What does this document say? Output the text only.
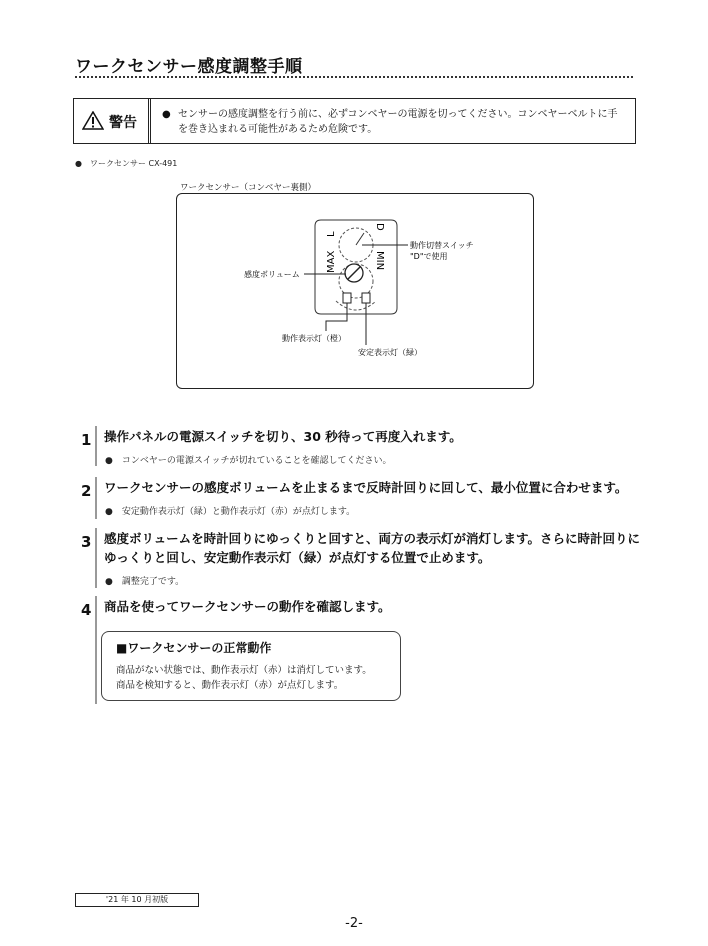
ワークセンサー感度調整手順
警告
● センサーの感度調整を行う前に、必ずコンベヤーの電源を切ってください。コンベヤーベルトに手を巻き込まれる可能性があるため危険です。
●　ワークセンサー CX-491
ワークセンサー（コンベヤー裏側）
MAX
L
D
MIN
動作切替スイッチ
"D"で使用
感度ボリューム
動作表示灯（橙）
安定表示灯（緑）
1 操作パネルの電源スイッチを切り、30 秒待って再度入れます。
●　コンベヤーの電源スイッチが切れていることを確認してください。
2 ワークセンサーの感度ボリュームを止まるまで反時計回りに回して、最小位置に合わせます。
●　安定動作表示灯（緑）と動作表示灯（赤）が点灯します。
3 感度ボリュームを時計回りにゆっくりと回すと、両方の表示灯が消灯します。さらに時計回りに
ゆっくりと回し、安定動作表示灯（緑）が点灯する位置で止めます。
●　調整完了です。
4 商品を使ってワークセンサーの動作を確認します。
■ワークセンサーの正常動作
商品がない状態では、動作表示灯（赤）は消灯しています。
商品を検知すると、動作表示灯（赤）が点灯します。
'21 年 10 月初版
-2-
